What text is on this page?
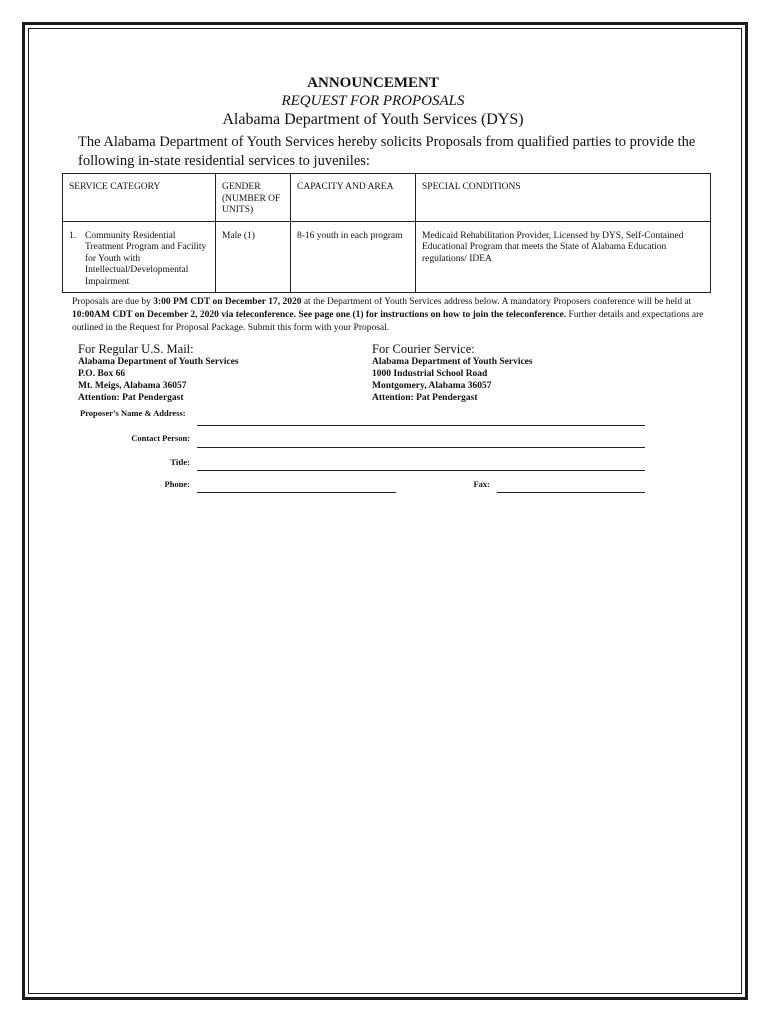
ANNOUNCEMENT
REQUEST FOR PROPOSALS
Alabama Department of Youth Services (DYS)
The Alabama Department of Youth Services hereby solicits Proposals from qualified parties to provide the following in-state residential services to juveniles:
SERVICE CATEGORY	GENDER (NUMBER OF UNITS)	CAPACITY AND AREA	SPECIAL CONDITIONS

1. Community Residential Treatment Program and Facility for Youth with Intellectual/Developmental Impairment	Male (1)	8-16 youth in each program	Medicaid Rehabilitation Provider, Licensed by DYS, Self-Contained Educational Program that meets the State of Alabama Education regulations/ IDEA
Proposals are due by 3:00 PM CDT on December 17, 2020 at the Department of Youth Services address below. A mandatory Proposers conference will be held at 10:00AM CDT on December 2, 2020 via teleconference. See page one (1) for instructions on how to join the teleconference. Further details and expectations are outlined in the Request for Proposal Package. Submit this form with your Proposal.
For Regular U.S. Mail:
Alabama Department of Youth Services
P.O. Box 66
Mt. Meigs, Alabama 36057
Attention: Pat Pendergast
For Courier Service:
Alabama Department of Youth Services
1000 Industrial School Road
Montgomery, Alabama 36057
Attention: Pat Pendergast
Proposer’s Name & Address:
Contact Person:
Title:
Phone:	Fax:
